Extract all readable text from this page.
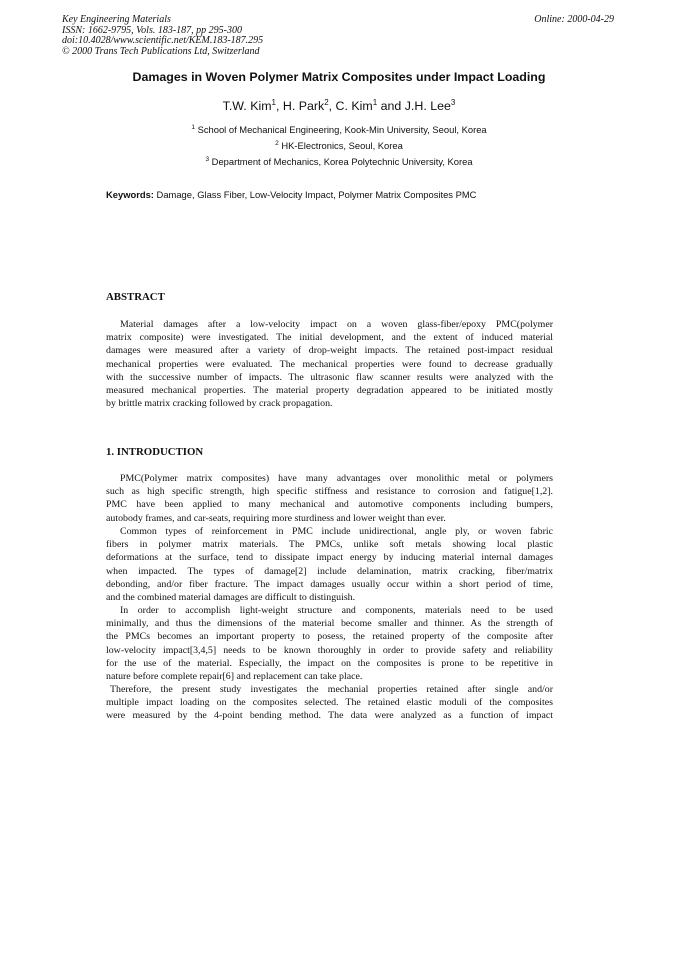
Key Engineering Materials
ISSN: 1662-9795, Vols. 183-187, pp 295-300
doi:10.4028/www.scientific.net/KEM.183-187.295
© 2000 Trans Tech Publications Ltd, Switzerland
Online: 2000-04-29
Damages in Woven Polymer Matrix Composites under Impact Loading
T.W. Kim$^1$, H. Park$^2$, C. Kim$^1$ and J.H. Lee$^3$
$^1$ School of Mechanical Engineering, Kook-Min University, Seoul, Korea
$^2$ HK-Electronics, Seoul, Korea
$^3$ Department of Mechanics, Korea Polytechnic University, Korea
Keywords: Damage, Glass Fiber, Low-Velocity Impact, Polymer Matrix Composites PMC
ABSTRACT

Material damages after a low-velocity impact on a woven glass-fiber/epoxy PMC(polymer
matrix composite) were investigated. The initial development, and the extent of induced material
damages were measured after a variety of drop-weight impacts. The retained post-impact residual
mechanical properties were evaluated. The mechanical properties were found to decrease gradually
with the successive number of impacts. The ultrasonic flaw scanner results were analyzed with the
measured mechanical properties. The material property degradation appeared to be initiated mostly
by brittle matrix cracking followed by crack propagation.

1. INTRODUCTION

PMC(Polymer matrix composites) have many advantages over monolithic metal or polymers
such as high specific strength, high specific stiffness and resistance to corrosion and fatigue[1,2].
PMC have been applied to many mechanical and automotive components including bumpers,
autobody frames, and car-seats, requiring more sturdiness and lower weight than ever.

Common types of reinforcement in PMC include unidirectional, angle ply, or woven fabric
fibers in polymer matrix materials. The PMCs, unlike soft metals showing local plastic
deformations at the surface, tend to dissipate impact energy by inducing material internal damages
when impacted. The types of damage[2] include delamination, matrix cracking, fiber/matrix
debonding, and/or fiber fracture. The impact damages usually occur within a short period of time,
and the combined material damages are difficult to distinguish.

In order to accomplish light-weight structure and components, materials need to be used
minimally, and thus the dimensions of the material become smaller and thinner. As the strength of
the PMCs becomes an important property to posess, the retained property of the composite after
low-velocity impact[3,4,5] needs to be known thoroughly in order to provide safety and reliability
for the use of the material. Especially, the impact on the composites is prone to be repetitive in
nature before complete repair[6] and replacement can take place.

Therefore, the present study investigates the mechanial properties retained after single and/or
multiple impact loading on the composites selected. The retained elastic moduli of the composites
were measured by the 4-point bending method. The data were analyzed as a function of impact
